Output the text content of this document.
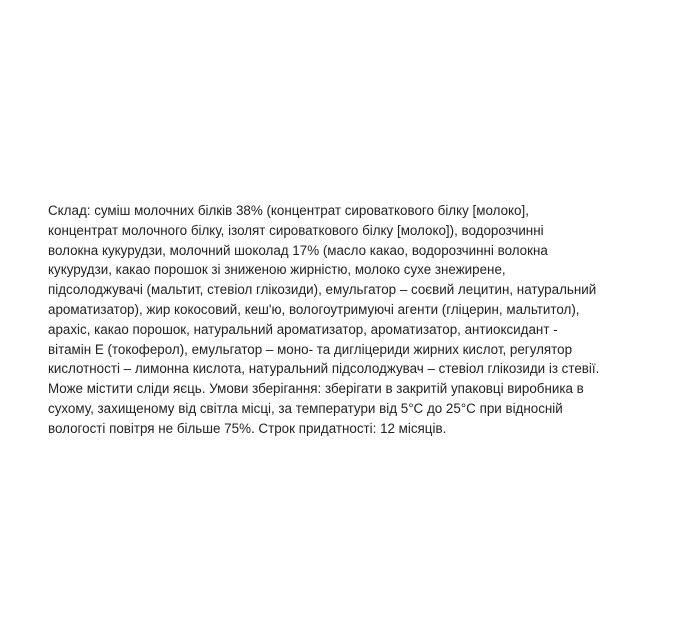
Склад: суміш молочних білків 38% (концентрат сироваткового білку [молоко],
концентрат молочного білку, ізолят сироваткового білку [молоко]), водорозчинні
волокна кукурудзи, молочний шоколад 17% (масло какао, водорозчинні волокна
кукурудзи, какао порошок зі зниженою жирністю, молоко сухе знежирене,
підсолоджувачі (мальтит, стевіол глікозиди), емульгатор – соєвий лецитин, натуральний
ароматизатор), жир кокосовий, кеш'ю, вологоутримуючі агенти (гліцерин, мальтитол),
арахіс, какао порошок, натуральний ароматизатор, ароматизатор, антиоксидант -
вітамін Е (токоферол), емульгатор – моно- та дигліцериди жирних кислот, регулятор
кислотності – лимонна кислота, натуральний підсолоджувач – стевіол глікозиди із стевії.
Може містити сліди яєць. Умови зберігання: зберігати в закритій упаковці виробника в
сухому, захищеному від світла місці, за температури від 5°C до 25°C при відносній
вологості повітря не більше 75%. Строк придатності: 12 місяців.
